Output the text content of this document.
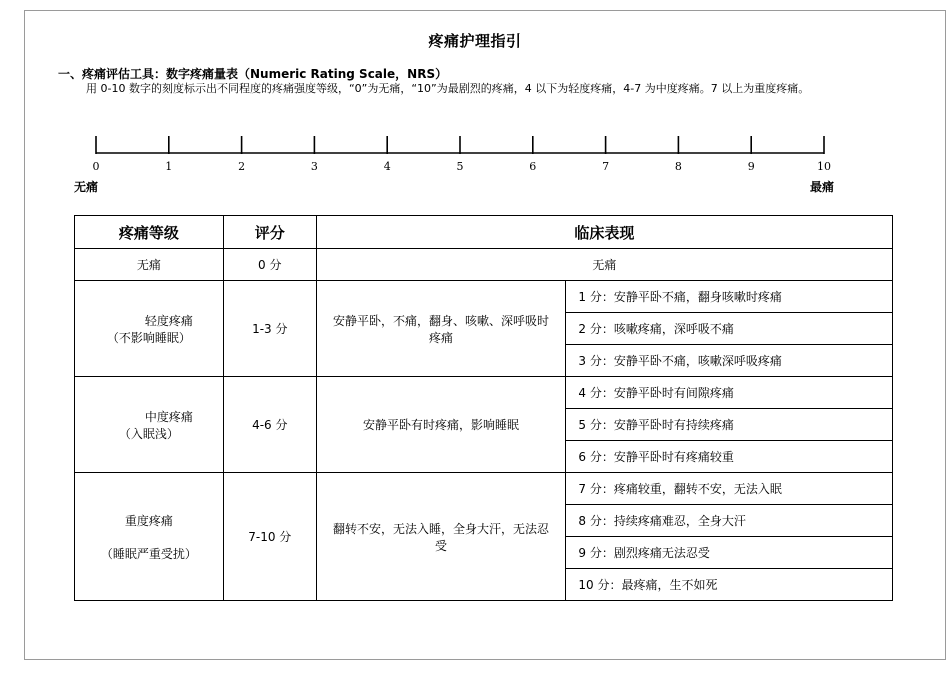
疼痛护理指引
一、疼痛评估工具：数字疼痛量表（Numeric Rating Scale，NRS）
用 0-10 数字的刻度标示出不同程度的疼痛强度等级，“0”为无痛，“10”为最剧烈的疼痛，4 以下为轻度疼痛，4-7 为中度疼痛。7 以上为重度疼痛。
0	1	2	3	4	5	6	7	8	9	10
无痛	最痛
疼痛等级	评分	临床表现	
无痛	0 分	无痛	

轻度疼痛
（不影响睡眠）	1-3 分	安静平卧，不痛，翻身、咳嗽、深呼吸时疼痛	1 分：安静平卧不痛，翻身咳嗽时疼痛
			2 分：咳嗽疼痛，深呼吸不痛
			3 分：安静平卧不痛，咳嗽深呼吸疼痛

中度疼痛
（入眠浅）	4-6 分	安静平卧有时疼痛，影响睡眠	4 分：安静平卧时有间隙疼痛
			5 分：安静平卧时有持续疼痛
			6 分：安静平卧时有疼痛较重

重度疼痛
（睡眠严重受扰）	7-10 分	翻转不安，无法入睡，全身大汗，无法忍受	7 分：疼痛较重，翻转不安，无法入眠
			8 分：持续疼痛难忍，全身大汗
			9 分：剧烈疼痛无法忍受
			10 分：最疼痛，生不如死
